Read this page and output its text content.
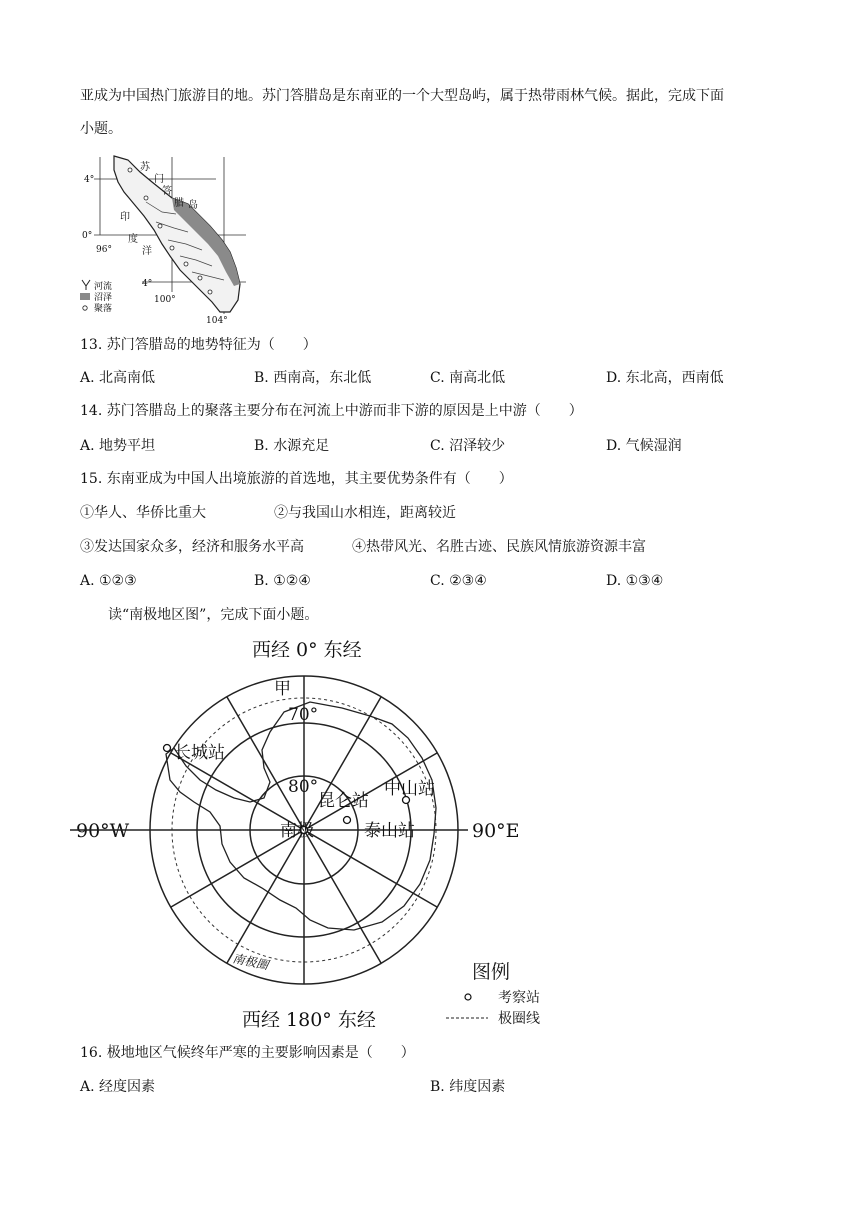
亚成为中国热门旅游目的地。苏门答腊岛是东南亚的一个大型岛屿，属于热带雨林气候。据此，完成下面
小题。
4°
0°
96°
4°
100°
104°
苏
门
答
腊 岛
印
度
洋
河流
沼泽
聚落
13. 苏门答腊岛的地势特征为（　　）
A. 北高南低	B. 西南高，东北低	C. 南高北低	D. 东北高，西南低
14. 苏门答腊岛上的聚落主要分布在河流上中游而非下游的原因是上中游（　　）
A. 地势平坦	B. 水源充足	C. 沼泽较少	D. 气候湿润
15. 东南亚成为中国人出境旅游的首选地，其主要优势条件有（　　）
①华人、华侨比重大	②与我国山水相连，距离较近
③发达国家众多，经济和服务水平高	④热带风光、名胜古迹、民族风情旅游资源丰富
A. ①②③	B. ①②④	C. ②③④	D. ①③④
读“南极地区图”，完成下面小题。
西经 0° 东经
西经 180° 东经
90°W	90°E
甲
70°
80°
南极
长城站
昆仑站
中山站
泰山站
南极圈	图例
考察站
极圈线
16. 极地地区气候终年严寒的主要影响因素是（　　）
A. 经度因素	B. 纬度因素
